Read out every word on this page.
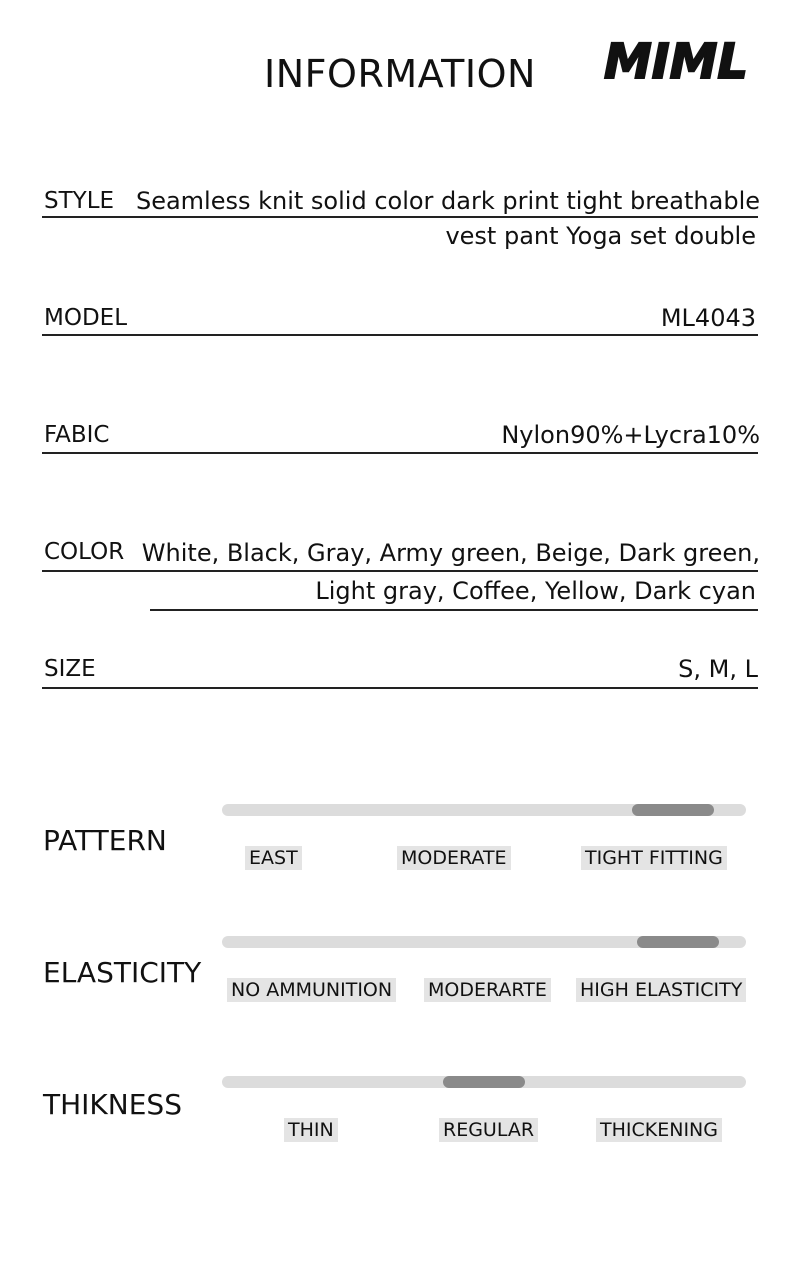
INFORMATION	MIML
STYLE Seamless knit solid color dark print tight breathable
vest pant Yoga set double
MODEL	ML4043
FABIC	Nylon90%+Lycra10%
COLOR White, Black, Gray, Army green, Beige, Dark green,
Light gray, Coffee, Yellow, Dark cyan
SIZE	S, M, L
PATTERN
EAST	MODERATE	TIGHT FITTING
ELASTICITY
NO AMMUNITION MODERARTE HIGH ELASTICITY
THIKNESS
THIN	REGULAR	THICKENING
